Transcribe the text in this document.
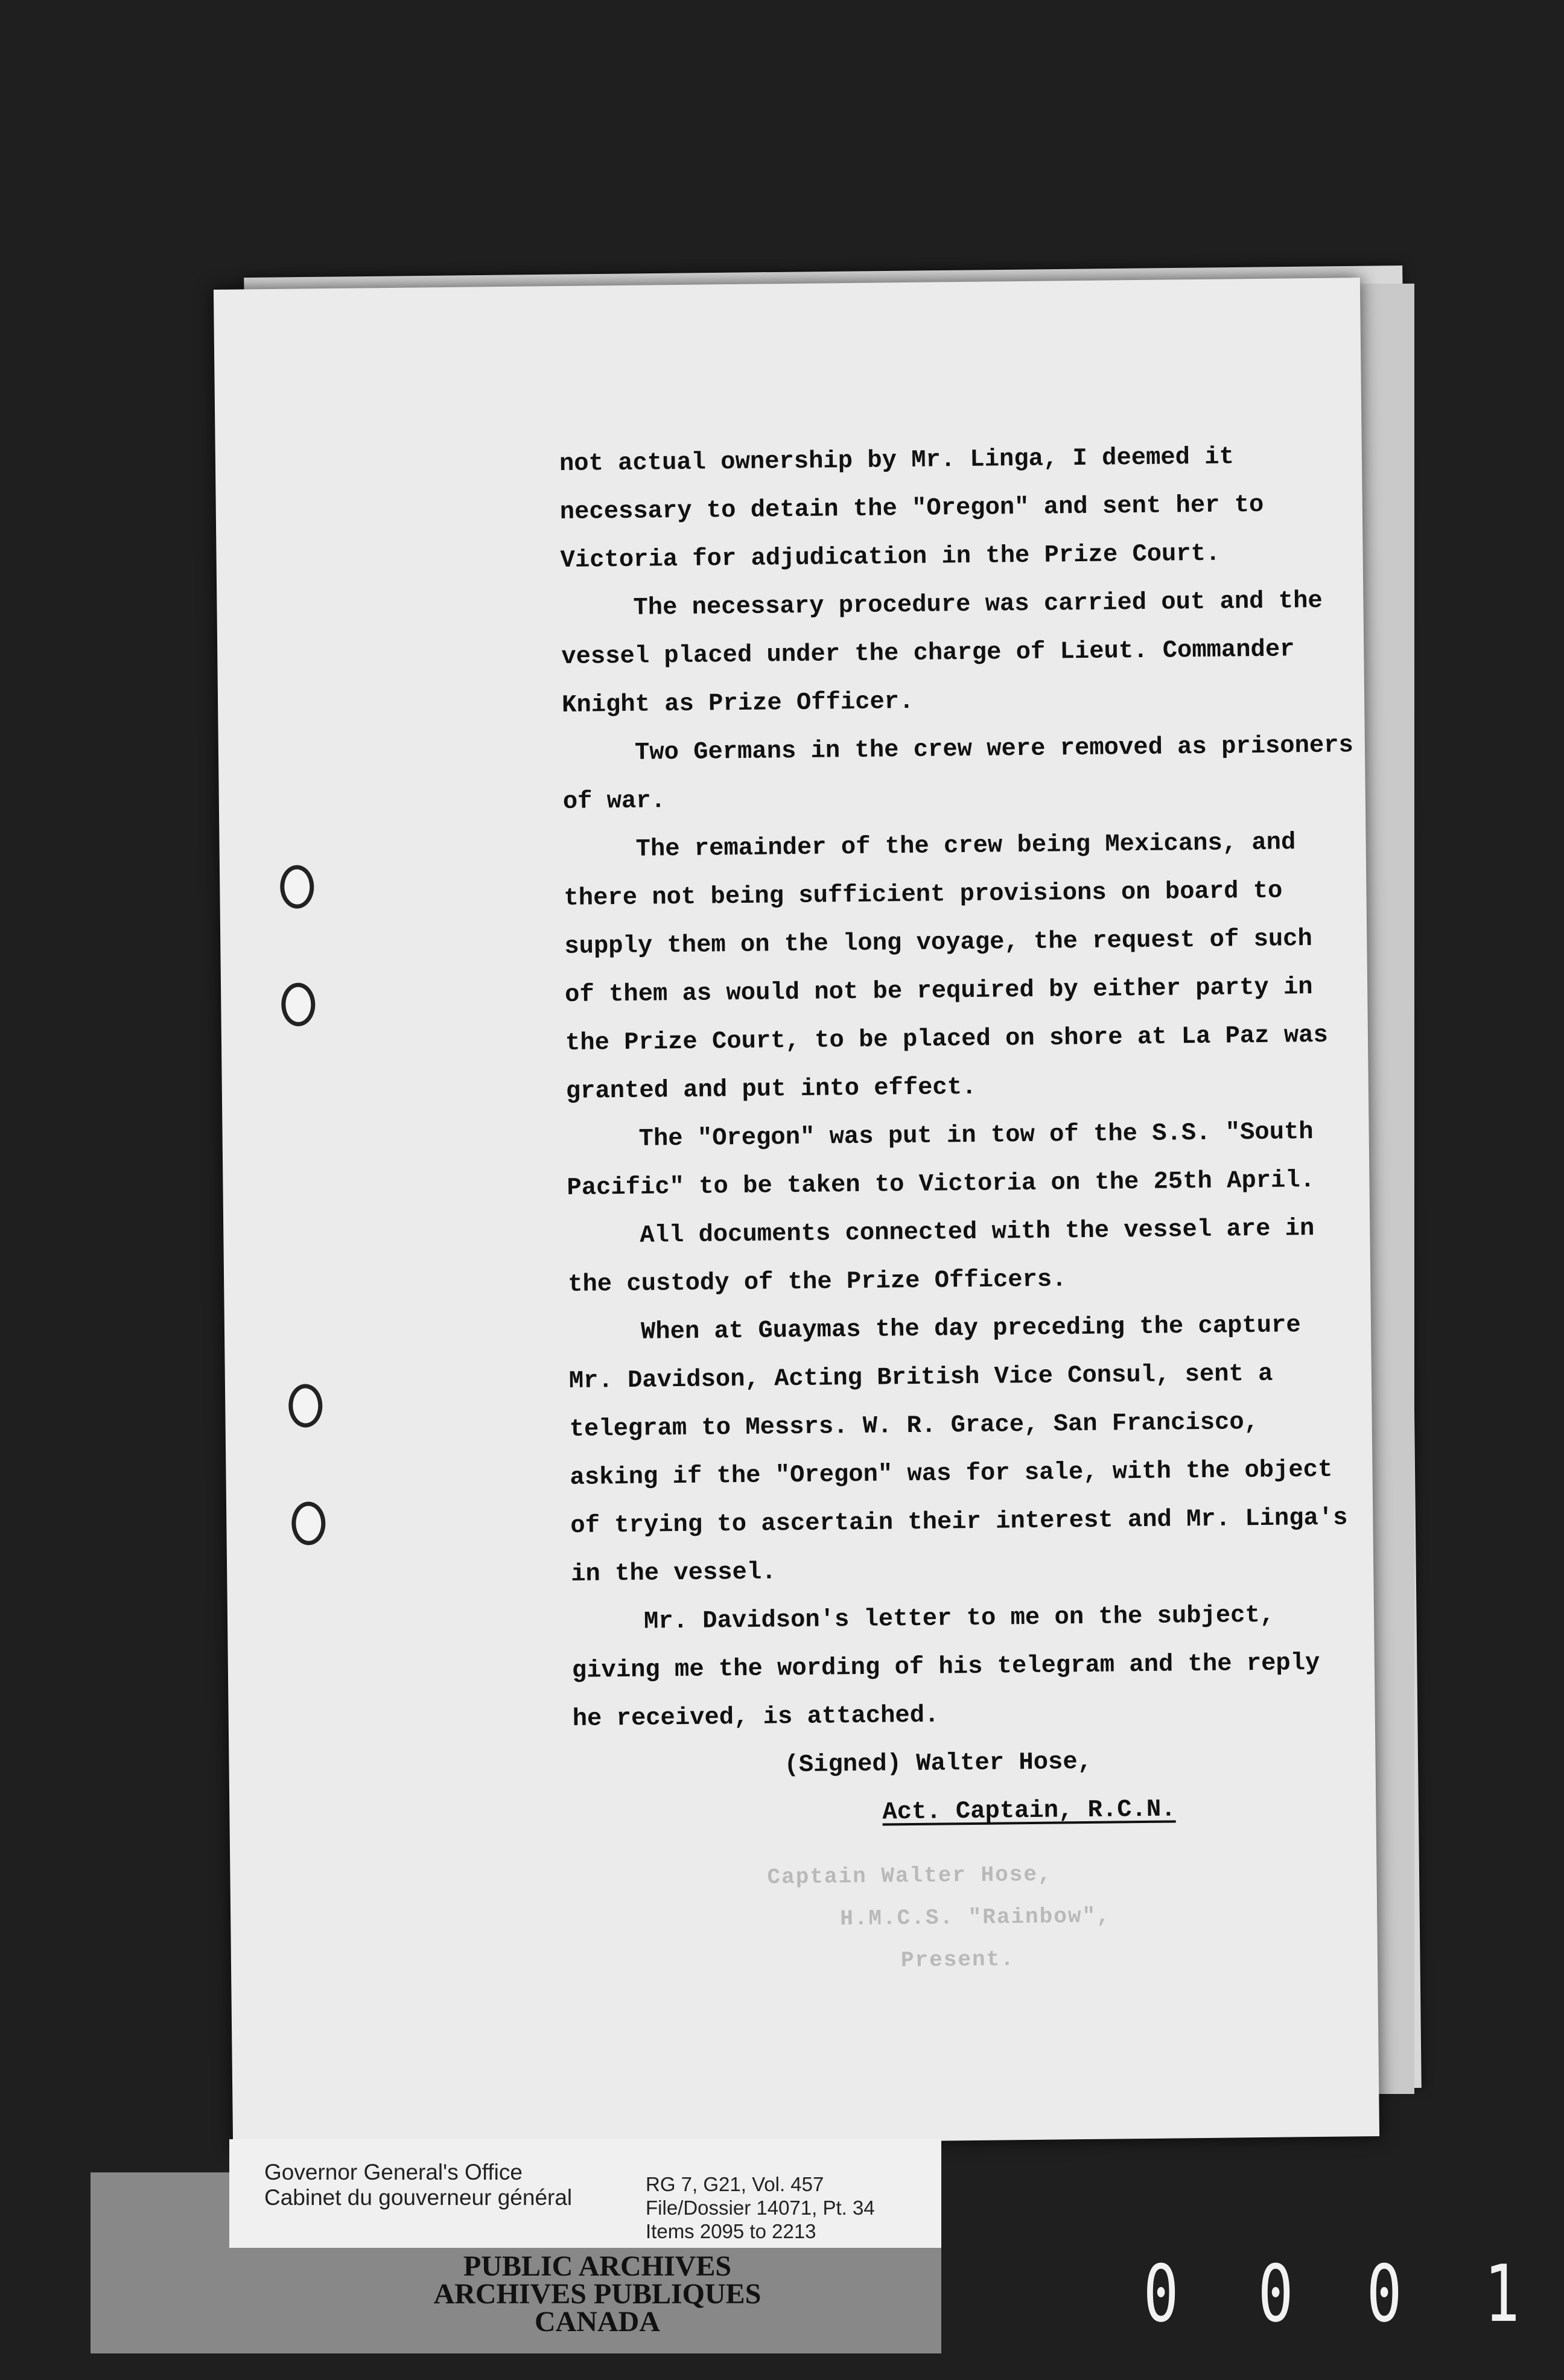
Captain Walter Hose,
H.M.C.S. "Rainbow",
Present.

not actual ownership by Mr. Linga, I deemed it

necessary to detain the "Oregon" and sent her to

Victoria for adjudication in the Prize Court.

The necessary procedure was carried out and the

vessel placed under the charge of Lieut. Commander

Knight as Prize Officer.

Two Germans in the crew were removed as prisoners

of war.

The remainder of the crew being Mexicans, and

there not being sufficient provisions on board to

supply them on the long voyage, the request of such

of them as would not be required by either party in

the Prize Court, to be placed on shore at La Paz was

granted and put into effect.

The "Oregon" was put in tow of the S.S. "South

Pacific" to be taken to Victoria on the 25th April.

All documents connected with the vessel are in

the custody of the Prize Officers.

When at Guaymas the day preceding the capture

Mr. Davidson, Acting British Vice Consul, sent a

telegram to Messrs. W. R. Grace, San Francisco,

asking if the "Oregon" was for sale, with the object

of trying to ascertain their interest and Mr. Linga's

in the vessel.

Mr. Davidson's letter to me on the subject,

giving me the wording of his telegram and the reply

he received, is attached.

(Signed) Walter Hose,

Act. Captain, R.C.N.

Governor General's Office
Cabinet du gouverneur général
RG 7, G21, Vol. 457
File/Dossier 14071, Pt. 34
Items 2095 to 2213
PUBLIC ARCHIVES
ARCHIVES PUBLIQUES
CANADA	0 0 0 1
